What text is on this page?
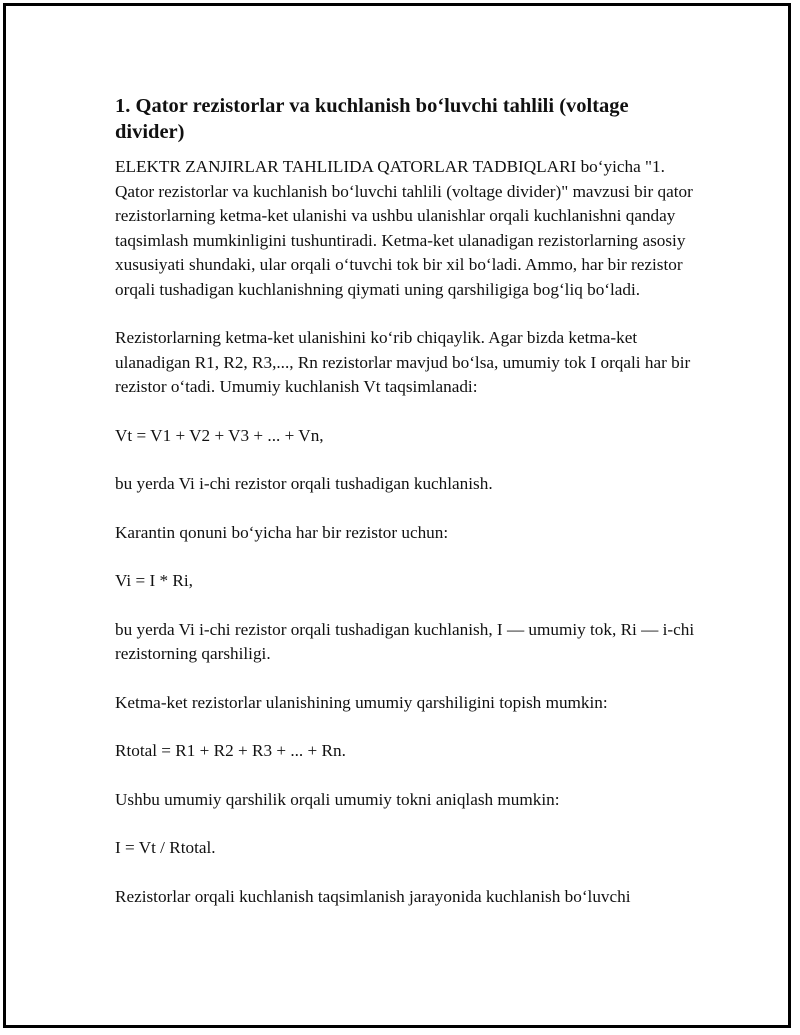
1. Qator rezistorlar va kuchlanish bo‘luvchi tahlili (voltage divider)

ELEKTR ZANJIRLAR TAHLILIDA QATORLAR TADBIQLARI bo‘yicha "1. Qator rezistorlar va kuchlanish bo‘luvchi tahlili (voltage divider)" mavzusi bir qator rezistorlarning ketma-ket ulanishi va ushbu ulanishlar orqali kuchlanishni qanday taqsimlash mumkinligini tushuntiradi. Ketma-ket ulanadigan rezistorlarning asosiy xususiyati shundaki, ular orqali o‘tuvchi tok bir xil bo‘ladi. Ammo, har bir rezistor orqali tushadigan kuchlanishning qiymati uning qarshiligiga bog‘liq bo‘ladi.

Rezistorlarning ketma-ket ulanishini ko‘rib chiqaylik. Agar bizda ketma-ket ulanadigan R1, R2, R3,..., Rn rezistorlar mavjud bo‘lsa, umumiy tok I orqali har bir rezistor o‘tadi. Umumiy kuchlanish Vt taqsimlanadi:

Vt = V1 + V2 + V3 + ... + Vn,

bu yerda Vi i-chi rezistor orqali tushadigan kuchlanish.

Karantin qonuni bo‘yicha har bir rezistor uchun:

Vi = I * Ri,

bu yerda Vi i-chi rezistor orqali tushadigan kuchlanish, I — umumiy tok, Ri — i-chi rezistorning qarshiligi.

Ketma-ket rezistorlar ulanishining umumiy qarshiligini topish mumkin:

Rtotal = R1 + R2 + R3 + ... + Rn.

Ushbu umumiy qarshilik orqali umumiy tokni aniqlash mumkin:

I = Vt / Rtotal.

Rezistorlar orqali kuchlanish taqsimlanish jarayonida kuchlanish bo‘luvchi
